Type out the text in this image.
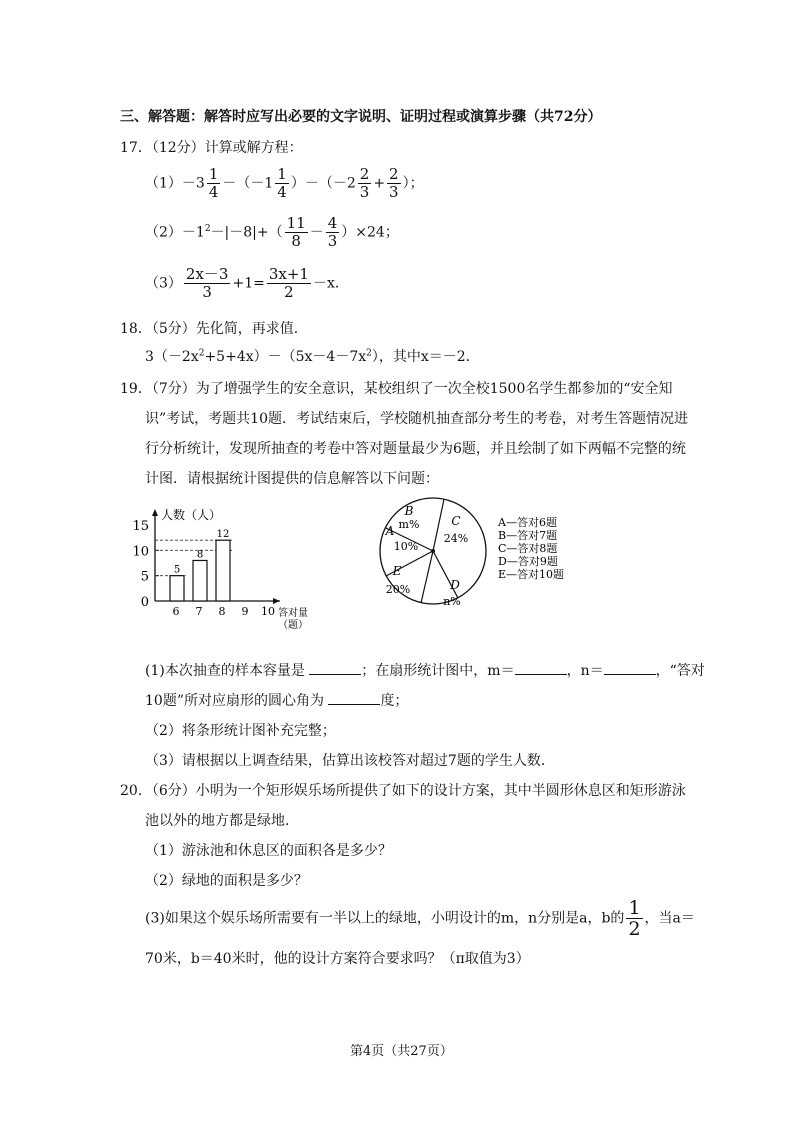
三、解答题：解答时应写出必要的文字说明、证明过程或演算步骤（共72分）
17．（12分）计算或解方程：
$(1)-3 \frac{1}{4} -(-1 \frac{1}{4} )-(-2 \frac{2}{3} + \frac{2}{3}$ ）；
$(2)-1^2-|-8|+( \frac{11}{8} - \frac{4}{3} )\times 24$；
$(3) \frac{2x-3}{3} +1= \frac{3x+1}{2} -x$．
18．（5分）先化简，再求值．
$3(-2x^2+5+4x)-(5x-4-7x^2)$，其中x＝－2．
19．（7分）为了增强学生的安全意识，某校组织了一次全校1500名学生都参加的“安全知
识”考试，考题共10题．考试结束后，学校随机抽查部分考生的考卷，对考生答题情况进
行分析统计，发现所抽查的考卷中答对题量最少为6题，并且绘制了如下两幅不完整的统
计图．请根据统计图提供的信息解答以下问题：
人数（人）
0
5
10
15
6
5
7
8
8
12
9 10 答对量
（题）
A
10%
B
m%	C
24%
D
n%
E
20%
A—答对6题
B—答对7题
C—答对8题
D—答对9题
E—答对10题
(1)本次抽查的样本容量是	；在扇形统计图中，m＝	，n＝	，“答对
10题”所对应扇形的圆心角为	度；
（2）将条形统计图补充完整；
（3）请根据以上调查结果，估算出该校答对超过7题的学生人数．
20．（6分）小明为一个矩形娱乐场所提供了如下的设计方案，其中半圆形休息区和矩形游泳
池以外的地方都是绿地．
（1）游泳池和休息区的面积各是多少？
（2）绿地的面积是多少？
(3)如果这个娱乐场所需要有一半以上的绿地，小明设计的m，n分别是a，b的 $\frac{1}{2}$ ，当a＝
70米，b＝40米时，他的设计方案符合要求吗？（π取值为3）
第4页（共27页）
